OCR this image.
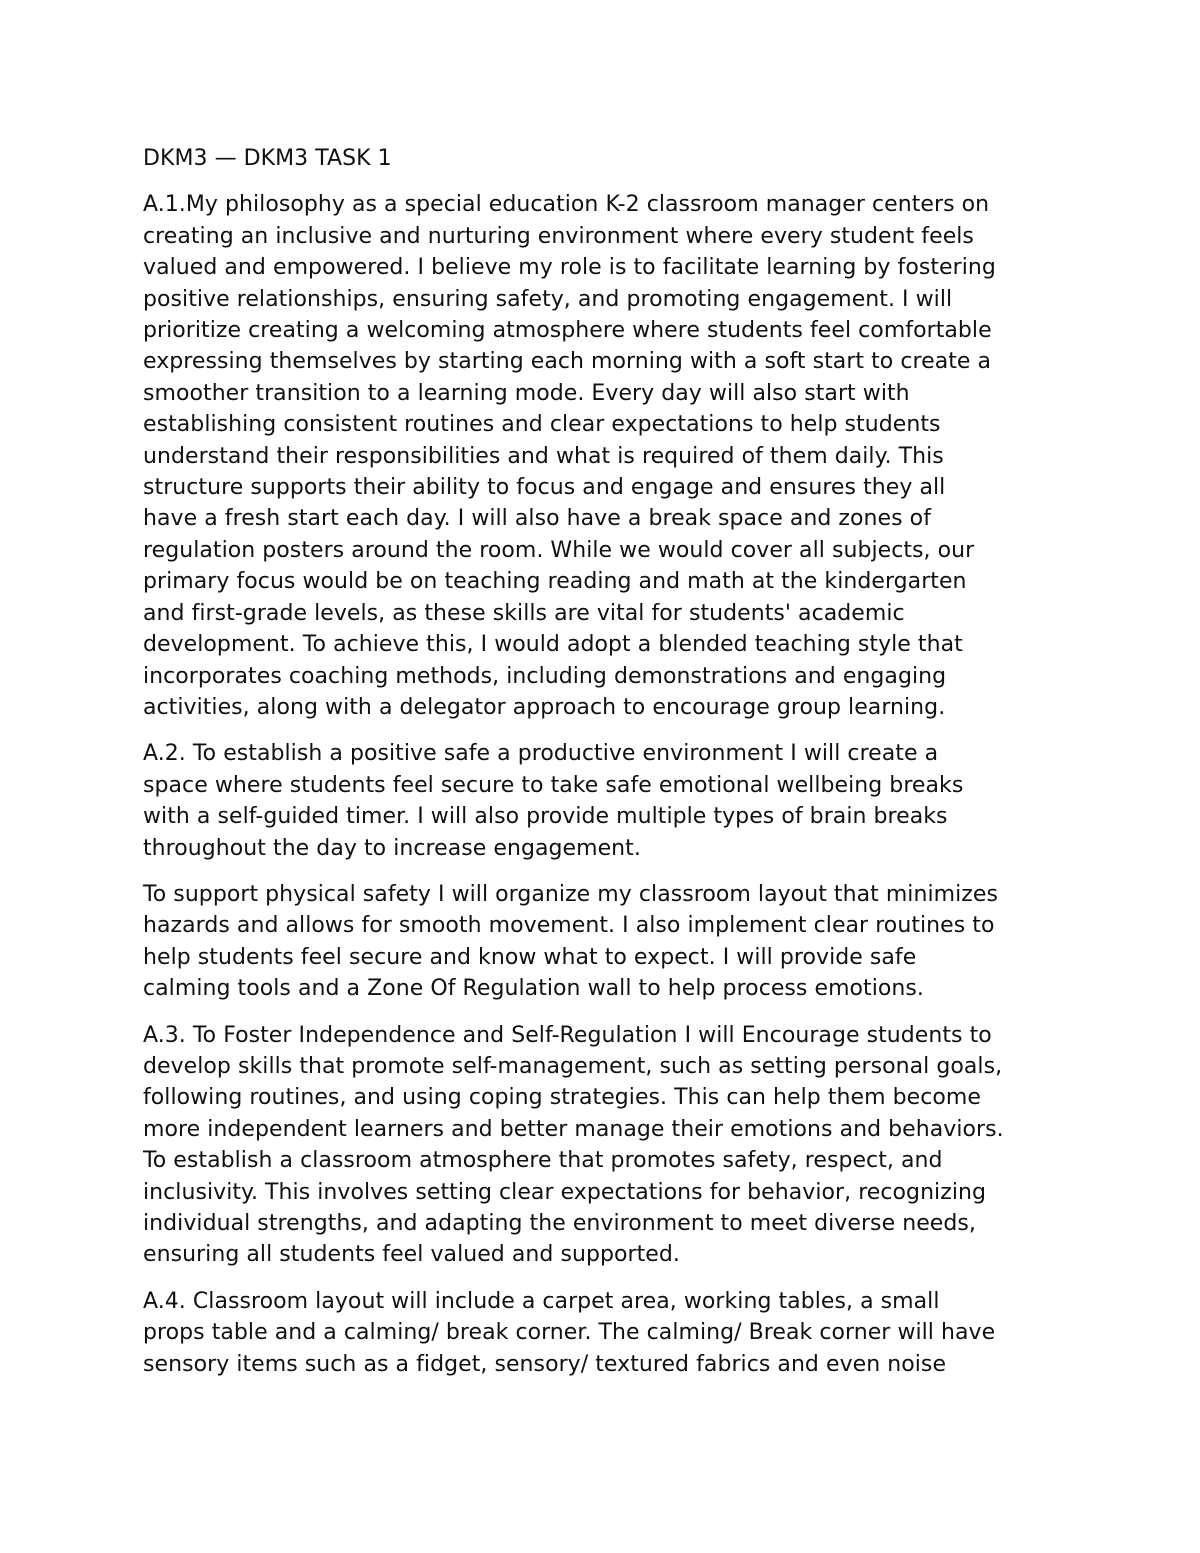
DKM3 — DKM3 TASK 1

A.1.My philosophy as a special education K-2 classroom manager centers on
creating an inclusive and nurturing environment where every student feels
valued and empowered. I believe my role is to facilitate learning by fostering
positive relationships, ensuring safety, and promoting engagement. I will
prioritize creating a welcoming atmosphere where students feel comfortable
expressing themselves by starting each morning with a soft start to create a
smoother transition to a learning mode. Every day will also start with
establishing consistent routines and clear expectations to help students
understand their responsibilities and what is required of them daily. This
structure supports their ability to focus and engage and ensures they all
have a fresh start each day. I will also have a break space and zones of
regulation posters around the room. While we would cover all subjects, our
primary focus would be on teaching reading and math at the kindergarten
and first-grade levels, as these skills are vital for students' academic
development. To achieve this, I would adopt a blended teaching style that
incorporates coaching methods, including demonstrations and engaging
activities, along with a delegator approach to encourage group learning.

A.2. To establish a positive safe a productive environment I will create a
space where students feel secure to take safe emotional wellbeing breaks
with a self-guided timer. I will also provide multiple types of brain breaks
throughout the day to increase engagement.

To support physical safety I will organize my classroom layout that minimizes
hazards and allows for smooth movement. I also implement clear routines to
help students feel secure and know what to expect. I will provide safe
calming tools and a Zone Of Regulation wall to help process emotions.

A.3. To Foster Independence and Self-Regulation I will Encourage students to
develop skills that promote self-management, such as setting personal goals,
following routines, and using coping strategies. This can help them become
more independent learners and better manage their emotions and behaviors.
To establish a classroom atmosphere that promotes safety, respect, and
inclusivity. This involves setting clear expectations for behavior, recognizing
individual strengths, and adapting the environment to meet diverse needs,
ensuring all students feel valued and supported.

A.4. Classroom layout will include a carpet area, working tables, a small
props table and a calming/ break corner. The calming/ Break corner will have
sensory items such as a fidget, sensory/ textured fabrics and even noise
